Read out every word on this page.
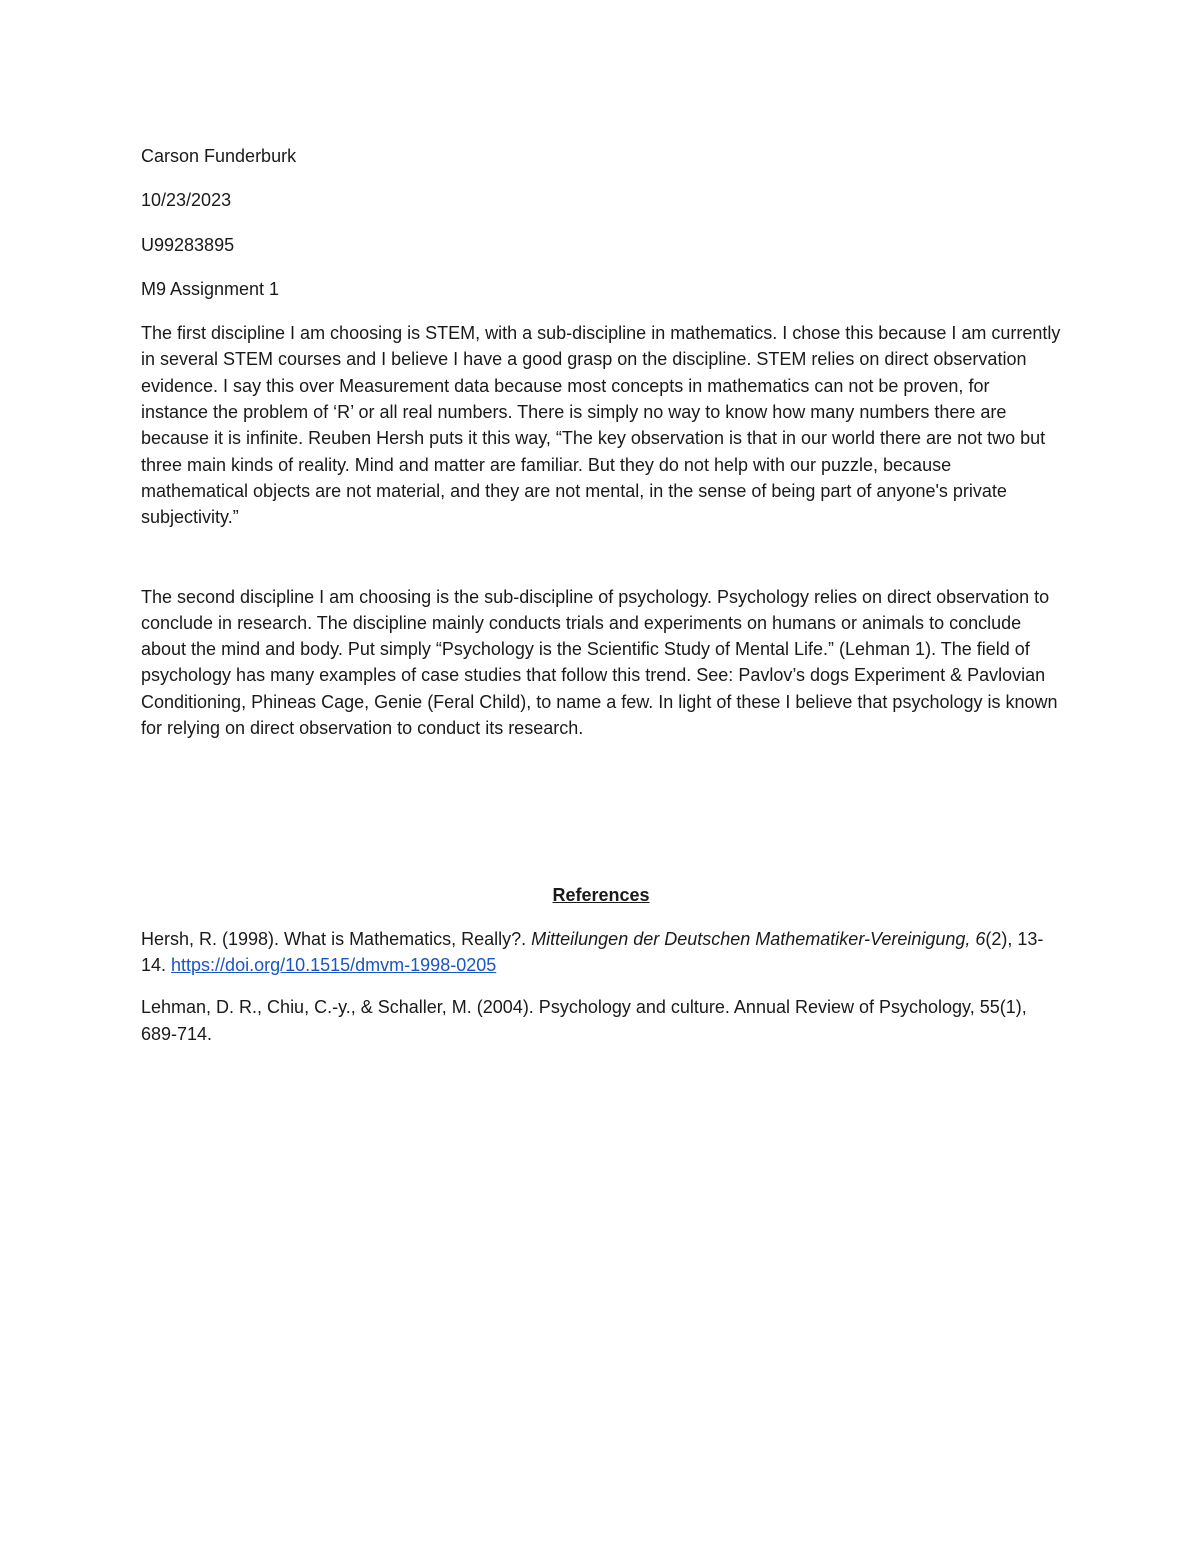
Carson Funderburk
10/23/2023
U99283895
M9 Assignment 1

The first discipline I am choosing is STEM, with a sub-discipline in mathematics. I chose this because I am currently in several STEM courses and I believe I have a good grasp on the discipline. STEM relies on direct observation evidence. I say this over Measurement data because most concepts in mathematics can not be proven, for instance the problem of ‘R’ or all real numbers. There is simply no way to know how many numbers there are because it is infinite. Reuben Hersh puts it this way, “The key observation is that in our world there are not two but three main kinds of reality. Mind and matter are familiar. But they do not help with our puzzle, because mathematical objects are not material, and they are not mental, in the sense of being part of anyone's private subjectivity.”

The second discipline I am choosing is the sub-discipline of psychology. Psychology relies on direct observation to conclude in research. The discipline mainly conducts trials and experiments on humans or animals to conclude about the mind and body. Put simply “Psychology is the Scientific Study of Mental Life.” (Lehman 1). The field of psychology has many examples of case studies that follow this trend. See: Pavlov’s dogs Experiment & Pavlovian Conditioning, Phineas Cage, Genie (Feral Child), to name a few. In light of these I believe that psychology is known for relying on direct observation to conduct its research.

References

Hersh, R. (1998). What is Mathematics, Really?. Mitteilungen der Deutschen Mathematiker-Vereinigung, 6(2), 13-14. https://doi.org/10.1515/dmvm-1998-0205

Lehman, D. R., Chiu, C.-y., & Schaller, M. (2004). Psychology and culture. Annual Review of Psychology, 55(1), 689-714.
